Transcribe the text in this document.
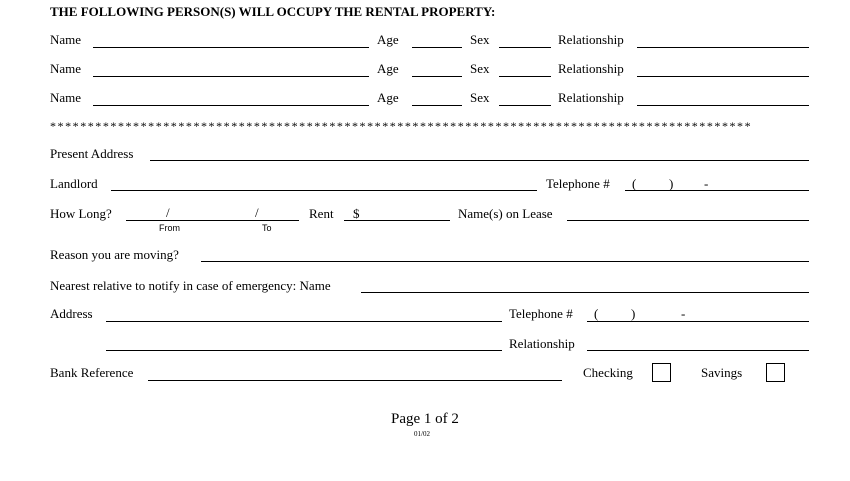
THE FOLLOWING PERSON(S) WILL OCCUPY THE RENTAL PROPERTY:
Name	Age	Sex	Relationship
Name	Age	Sex	Relationship
Name	Age	Sex	Relationship
*********************************************************************************************
Present Address
Landlord	Telephone # (	) -
How Long?	/	/
From	To
Rent $	Name(s) on Lease
Reason you are moving?
Nearest relative to notify in case of emergency: Name
Address	Telephone # (	)	-
Relationship
Bank Reference	Checking	Savings
Page 1 of 2
01/02
